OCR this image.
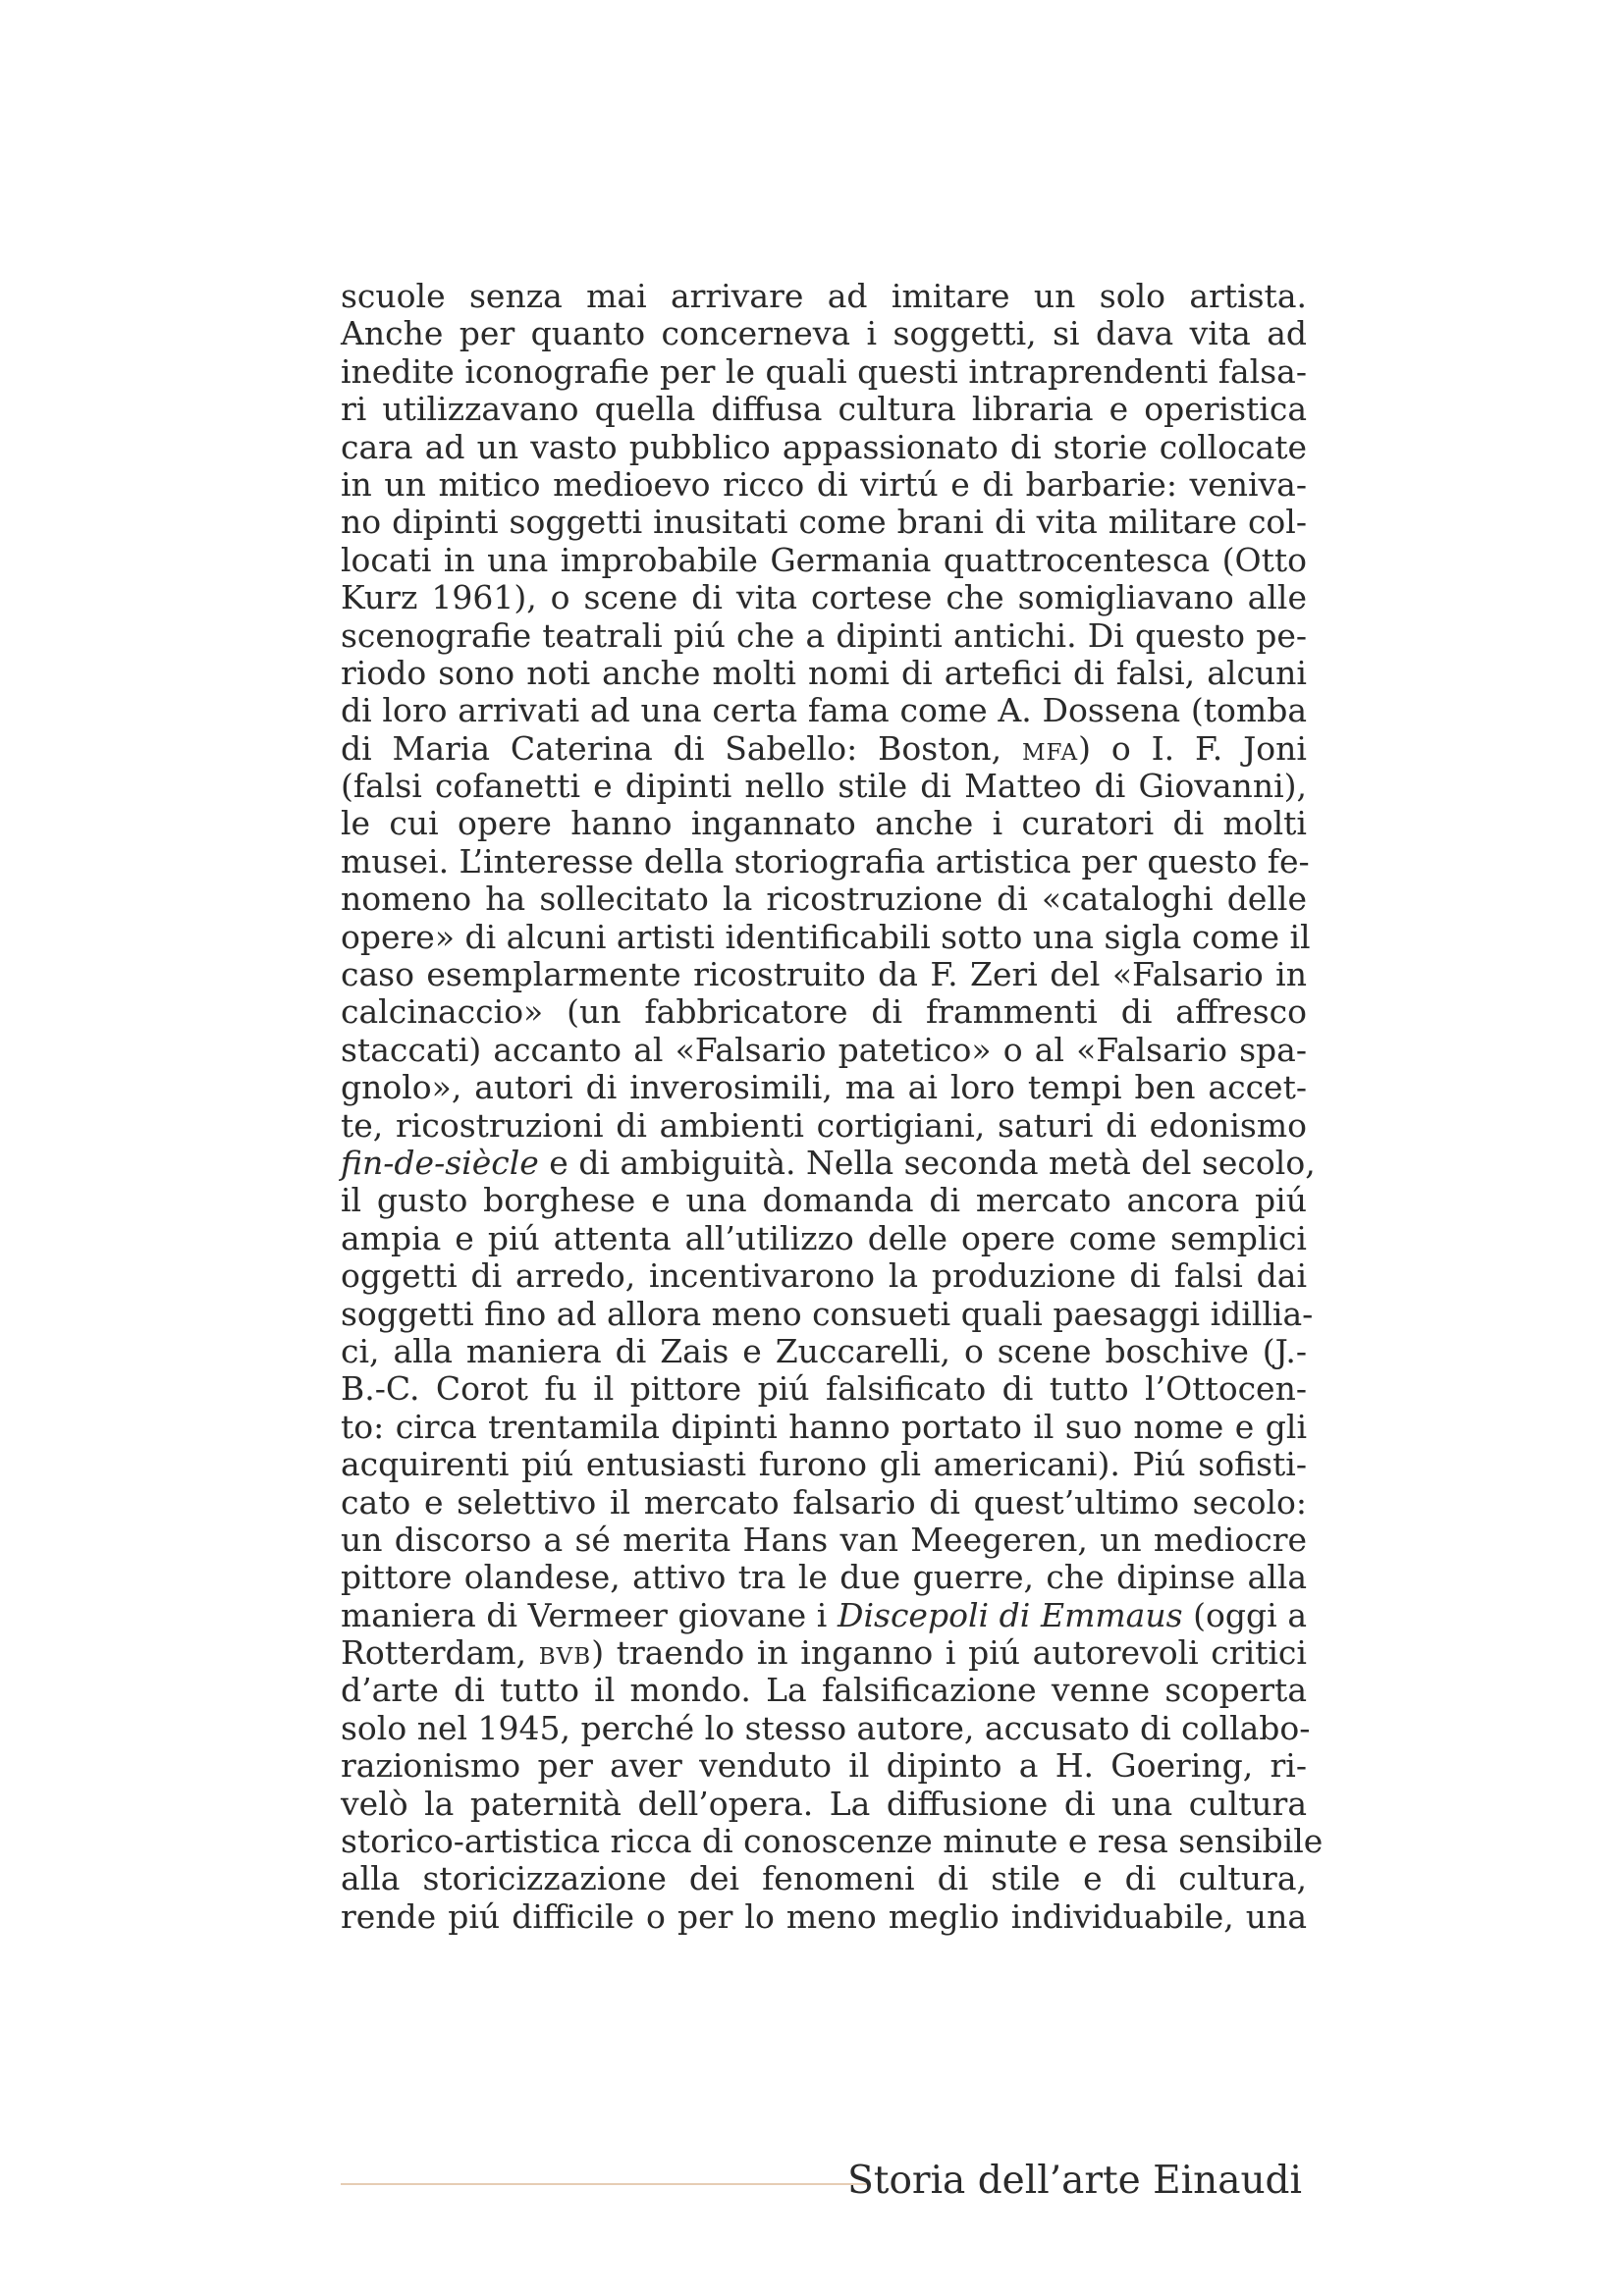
scuole senza mai arrivare ad imitare un solo artista.
Anche per quanto concerneva i soggetti, si dava vita ad
inedite iconografie per le quali questi intraprendenti falsa-
ri utilizzavano quella diffusa cultura libraria e operistica
cara ad un vasto pubblico appassionato di storie collocate
in un mitico medioevo ricco di virtú e di barbarie: veniva-
no dipinti soggetti inusitati come brani di vita militare col-
locati in una improbabile Germania quattrocentesca (Otto
Kurz 1961), o scene di vita cortese che somigliavano alle
scenografie teatrali piú che a dipinti antichi. Di questo pe-
riodo sono noti anche molti nomi di artefici di falsi, alcuni
di loro arrivati ad una certa fama come A. Dossena (tomba
di Maria Caterina di Sabello: Boston, mfa) o I. F. Joni
(falsi cofanetti e dipinti nello stile di Matteo di Giovanni),
le cui opere hanno ingannato anche i curatori di molti
musei. L’interesse della storiografia artistica per questo fe-
nomeno ha sollecitato la ricostruzione di «cataloghi delle
opere» di alcuni artisti identificabili sotto una sigla come il
caso esemplarmente ricostruito da F. Zeri del «Falsario in
calcinaccio» (un fabbricatore di frammenti di affresco
staccati) accanto al «Falsario patetico» o al «Falsario spa-
gnolo», autori di inverosimili, ma ai loro tempi ben accet-
te, ricostruzioni di ambienti cortigiani, saturi di edonismo
fin-de-siècle e di ambiguità. Nella seconda metà del secolo,
il gusto borghese e una domanda di mercato ancora piú
ampia e piú attenta all’utilizzo delle opere come semplici
oggetti di arredo, incentivarono la produzione di falsi dai
soggetti fino ad allora meno consueti quali paesaggi idillia-
ci, alla maniera di Zais e Zuccarelli, o scene boschive (J.-
B.-C. Corot fu il pittore piú falsificato di tutto l’Ottocen-
to: circa trentamila dipinti hanno portato il suo nome e gli
acquirenti piú entusiasti furono gli americani). Piú sofisti-
cato e selettivo il mercato falsario di quest’ultimo secolo:
un discorso a sé merita Hans van Meegeren, un mediocre
pittore olandese, attivo tra le due guerre, che dipinse alla
maniera di Vermeer giovane i Discepoli di Emmaus (oggi a
Rotterdam, bvb) traendo in inganno i piú autorevoli critici
d’arte di tutto il mondo. La falsificazione venne scoperta
solo nel 1945, perché lo stesso autore, accusato di collabo-
razionismo per aver venduto il dipinto a H. Goering, ri-
velò la paternità dell’opera. La diffusione di una cultura
storico-artistica ricca di conoscenze minute e resa sensibile
alla storicizzazione dei fenomeni di stile e di cultura,
rende piú difficile o per lo meno meglio individuabile, una
Storia dell’arte Einaudi
